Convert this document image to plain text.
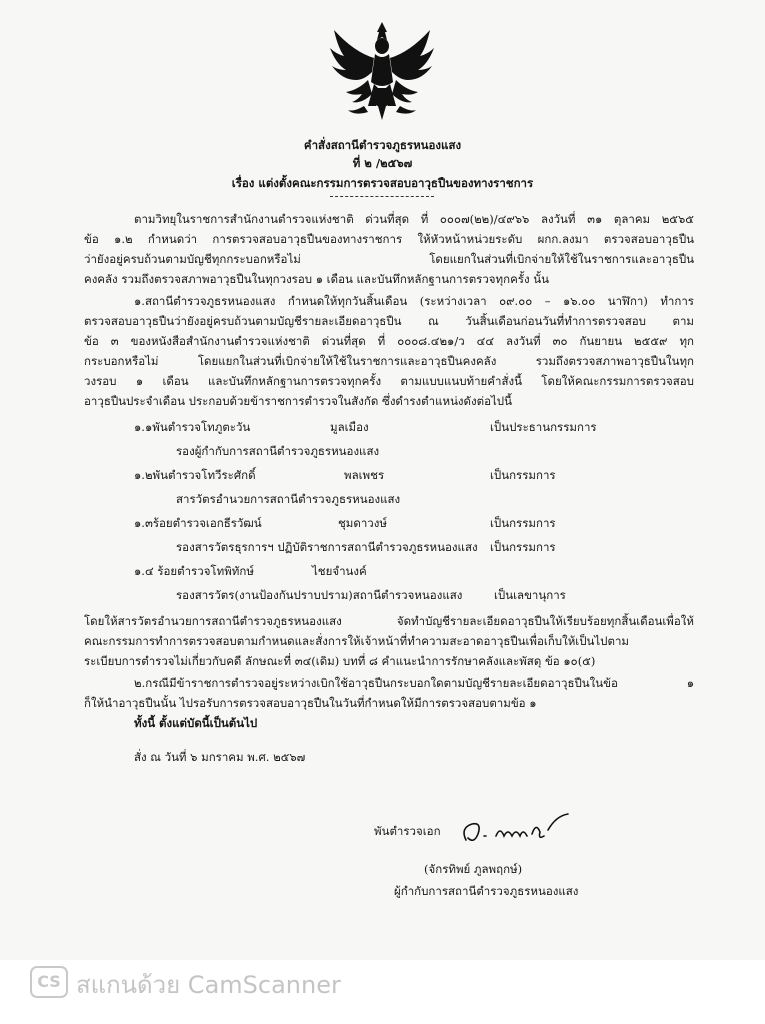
คำสั่งสถานีตำรวจภูธรหนองแสง
ที่ ๒ /๒๕๖๗
เรื่อง แต่งตั้งคณะกรรมการตรวจสอบอาวุธปืนของทางราชการ
ตามวิทยุในราชการสำนักงานตำรวจแห่งชาติ ด่วนที่สุด ที่ ๐๐๐๗(๒๒)/๔๙๖๖ ลงวันที่ ๓๑ ตุลาคม ๒๕๖๕
ข้อ ๑.๒ กำหนดว่า การตรวจสอบอาวุธปืนของทางราชการ ให้หัวหน้าหน่วยระดับ ผกก.ลงมา ตรวจสอบอาวุธปืน
ว่ายังอยู่ครบถ้วนตามบัญชีทุกกระบอกหรือไม่ โดยแยกในส่วนที่เบิกจ่ายให้ใช้ในราชการและอาวุธปืน
คงคลัง รวมถึงตรวจสภาพอาวุธปืนในทุกวงรอบ ๑ เดือน และบันทึกหลักฐานการตรวจทุกครั้ง นั้น
๑.สถานีตำรวจภูธรหนองแสง กำหนดให้ทุกวันสิ้นเดือน (ระหว่างเวลา ๐๙.๐๐ – ๑๖.๐๐ นาฬิกา) ทำการ
ตรวจสอบอาวุธปืนว่ายังอยู่ครบถ้วนตามบัญชีรายละเอียดอาวุธปืน ณ วันสิ้นเดือนก่อนวันที่ทำการตรวจสอบ ตาม
ข้อ ๓ ของหนังสือสำนักงานตำรวจแห่งชาติ ด่วนที่สุด ที่ ๐๐๐๘.๔๒๑/ว ๔๔ ลงวันที่ ๓๐ กันยายน ๒๕๕๙ ทุก
กระบอกหรือไม่ โดยแยกในส่วนที่เบิกจ่ายให้ใช้ในราชการและอาวุธปืนคงคลัง รวมถึงตรวจสภาพอาวุธปืนในทุก
วงรอบ ๑ เดือน และบันทึกหลักฐานการตรวจทุกครั้ง ตามแบบแนบท้ายคำสั่งนี้ โดยให้คณะกรรมการตรวจสอบ
อาวุธปืนประจำเดือน ประกอบด้วยข้าราชการตำรวจในสังกัด ซึ่งดำรงตำแหน่งดังต่อไปนี้
๑.๑พันตำรวจโทภูตะวัน	มูลเมือง	เป็นประธานกรรมการ
รองผู้กำกับการสถานีตำรวจภูธรหนองแสง
๑.๒พันตำรวจโทวีระศักดิ์	พลเพชร	เป็นกรรมการ
สารวัตรอำนวยการสถานีตำรวจภูธรหนองแสง
๑.๓ร้อยตำรวจเอกธีรวัฒน์	ชุมดาวงษ์	เป็นกรรมการ
รองสารวัตรธุรการฯ ปฏิบัติราชการสถานีตำรวจภูธรหนองแสง เป็นกรรมการ
๑.๔ ร้อยตำรวจโทพิทักษ์	ไชยจำนงค์
รองสารวัตร(งานป้องกันปราบปราม)สถานีตำรวจหนองแสง	เป็นเลขานุการ
โดยให้สารวัตรอำนวยการสถานีตำรวจภูธรหนองแสง จัดทำบัญชีรายละเอียดอาวุธปืนให้เรียบร้อยทุกสิ้นเดือนเพื่อให้
คณะกรรมการทำการตรวจสอบตามกำหนดและสั่งการให้เจ้าหน้าที่ทำความสะอาดอาวุธปืนเพื่อเก็บให้เป็นไปตาม
ระเบียบการตำรวจไม่เกี่ยวกับคดี ลักษณะที่ ๓๔(เดิม) บทที่ ๘ คำแนะนำการรักษาคลังและพัสดุ ข้อ ๑๐(๕)
๒.กรณีมีข้าราชการตำรวจอยู่ระหว่างเบิกใช้อาวุธปืนกระบอกใดตามบัญชีรายละเอียดอาวุธปืนในข้อ ๑
ก็ให้นำอาวุธปืนนั้น ไปรอรับการตรวจสอบอาวุธปืนในวันที่กำหนดให้มีการตรวจสอบตามข้อ ๑
ทั้งนี้ ตั้งแต่บัดนี้เป็นต้นไป
สั่ง ณ วันที่ ๖ มกราคม พ.ศ. ๒๕๖๗
พันตำรวจเอก
(จักรทิพย์ ภูลพฤกษ์)
ผู้กำกับการสถานีตำรวจภูธรหนองแสง
CS สแกนด้วย CamScanner
